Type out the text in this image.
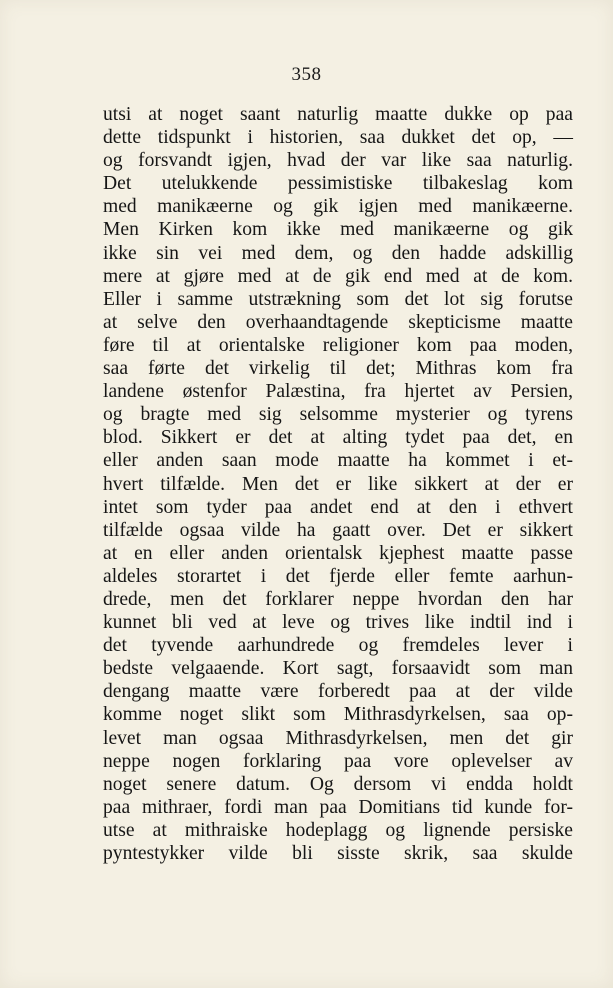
358
utsi at noget saant naturlig maatte dukke op paa
dette tidspunkt i historien, saa dukket det op, —
og forsvandt igjen, hvad der var like saa naturlig.
Det utelukkende pessimistiske tilbakeslag kom
med manikæerne og gik igjen med manikæerne.
Men Kirken kom ikke med manikæerne og gik
ikke sin vei med dem, og den hadde adskillig
mere at gjøre med at de gik end med at de kom.
Eller i samme utstrækning som det lot sig forutse
at selve den overhaandtagende skepticisme maatte
føre til at orientalske religioner kom paa moden,
saa førte det virkelig til det; Mithras kom fra
landene østenfor Palæstina, fra hjertet av Persien,
og bragte med sig selsomme mysterier og tyrens
blod. Sikkert er det at alting tydet paa det, en
eller anden saan mode maatte ha kommet i et-
hvert tilfælde. Men det er like sikkert at der er
intet som tyder paa andet end at den i ethvert
tilfælde ogsaa vilde ha gaatt over. Det er sikkert
at en eller anden orientalsk kjephest maatte passe
aldeles storartet i det fjerde eller femte aarhun-
drede, men det forklarer neppe hvordan den har
kunnet bli ved at leve og trives like indtil ind i
det tyvende aarhundrede og fremdeles lever i
bedste velgaaende. Kort sagt, forsaavidt som man
dengang maatte være forberedt paa at der vilde
komme noget slikt som Mithrasdyrkelsen, saa op-
levet man ogsaa Mithrasdyrkelsen, men det gir
neppe nogen forklaring paa vore oplevelser av
noget senere datum. Og dersom vi endda holdt
paa mithraer, fordi man paa Domitians tid kunde for-
utse at mithraiske hodeplagg og lignende persiske
pyntestykker vilde bli sisste skrik, saa skulde
